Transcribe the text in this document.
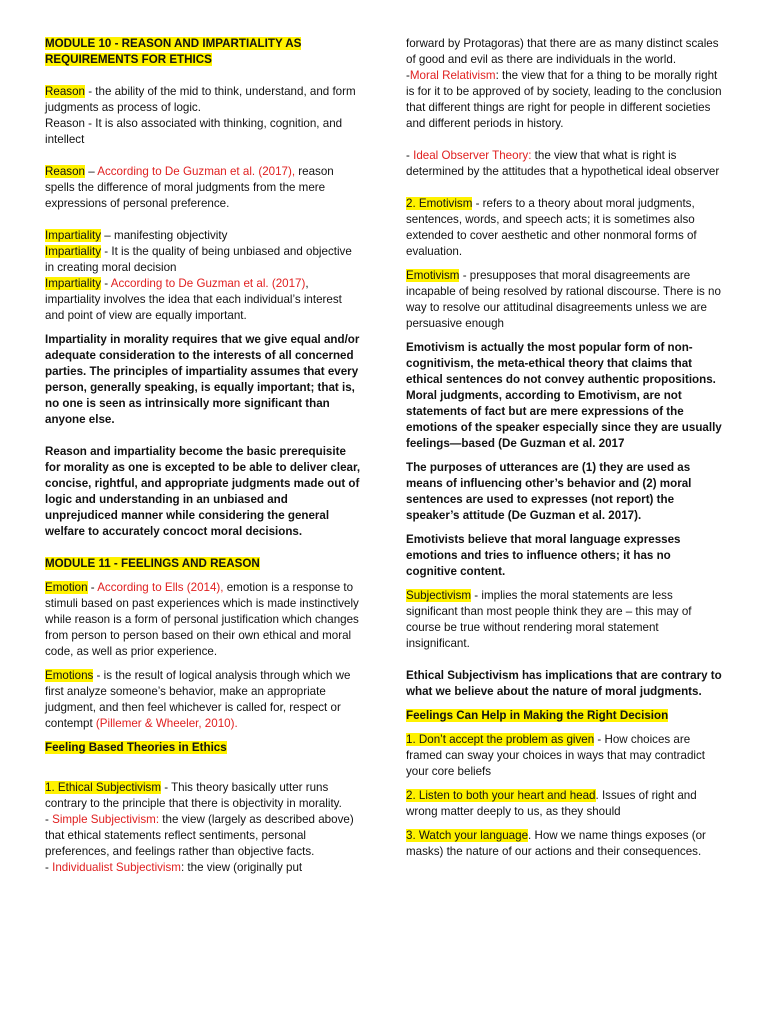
MODULE 10 - REASON AND IMPARTIALITY AS REQUIREMENTS FOR ETHICS

Reason - the ability of the mid to think, understand, and form judgments as process of logic.

Reason - It is also associated with thinking, cognition, and intellect

Reason – According to De Guzman et al. (2017), reason spells the difference of moral judgments from the mere expressions of personal preference.

Impartiality – manifesting objectivity

Impartiality - It is the quality of being unbiased and objective in creating moral decision

Impartiality - According to De Guzman et al. (2017), impartiality involves the idea that each individual’s interest and point of view are equally important.

Impartiality in morality requires that we give equal and/or adequate consideration to the interests of all concerned parties. The principles of impartiality assumes that every person, generally speaking, is equally important; that is, no one is seen as intrinsically more significant than anyone else.

Reason and impartiality become the basic prerequisite for morality as one is excepted to be able to deliver clear, concise, rightful, and appropriate judgments made out of logic and understanding in an unbiased and unprejudiced manner while considering the general welfare to accurately concoct moral decisions.

MODULE 11 - FEELINGS AND REASON

Emotion - According to Ells (2014), emotion is a response to stimuli based on past experiences which is made instinctively while reason is a form of personal justification which changes from person to person based on their own ethical and moral code, as well as prior experience.

Emotions - is the result of logical analysis through which we first analyze someone’s behavior, make an appropriate judgment, and then feel whichever is called for, respect or contempt (Pillemer & Wheeler, 2010).

Feeling Based Theories in Ethics

1. Ethical Subjectivism - This theory basically utter runs contrary to the principle that there is objectivity in morality.

- Simple Subjectivism: the view (largely as described above) that ethical statements reflect sentiments, personal preferences, and feelings rather than objective facts.

- Individualist Subjectivism: the view (originally put

forward by Protagoras) that there are as many distinct scales of good and evil as there are individuals in the world.

-Moral Relativism: the view that for a thing to be morally right is for it to be approved of by society, leading to the conclusion that different things are right for people in different societies and different periods in history.

- Ideal Observer Theory: the view that what is right is determined by the attitudes that a hypothetical ideal observer

2. Emotivism - refers to a theory about moral judgments, sentences, words, and speech acts; it is sometimes also extended to cover aesthetic and other nonmoral forms of evaluation.

Emotivism - presupposes that moral disagreements are incapable of being resolved by rational discourse. There is no way to resolve our attitudinal disagreements unless we are persuasive enough

Emotivism is actually the most popular form of non-cognitivism, the meta-ethical theory that claims that ethical sentences do not convey authentic propositions. Moral judgments, according to Emotivism, are not statements of fact but are mere expressions of the emotions of the speaker especially since they are usually feelings—based (De Guzman et al. 2017

The purposes of utterances are (1) they are used as means of influencing other’s behavior and (2) moral sentences are used to expresses (not report) the speaker’s attitude (De Guzman et al. 2017).

Emotivists believe that moral language expresses emotions and tries to influence others; it has no cognitive content.

Subjectivism - implies the moral statements are less significant than most people think they are – this may of course be true without rendering moral statement insignificant.

Ethical Subjectivism has implications that are contrary to what we believe about the nature of moral judgments.

Feelings Can Help in Making the Right Decision

1. Don’t accept the problem as given - How choices are framed can sway your choices in ways that may contradict your core beliefs

2. Listen to both your heart and head. Issues of right and wrong matter deeply to us, as they should

3. Watch your language. How we name things exposes (or masks) the nature of our actions and their consequences.
